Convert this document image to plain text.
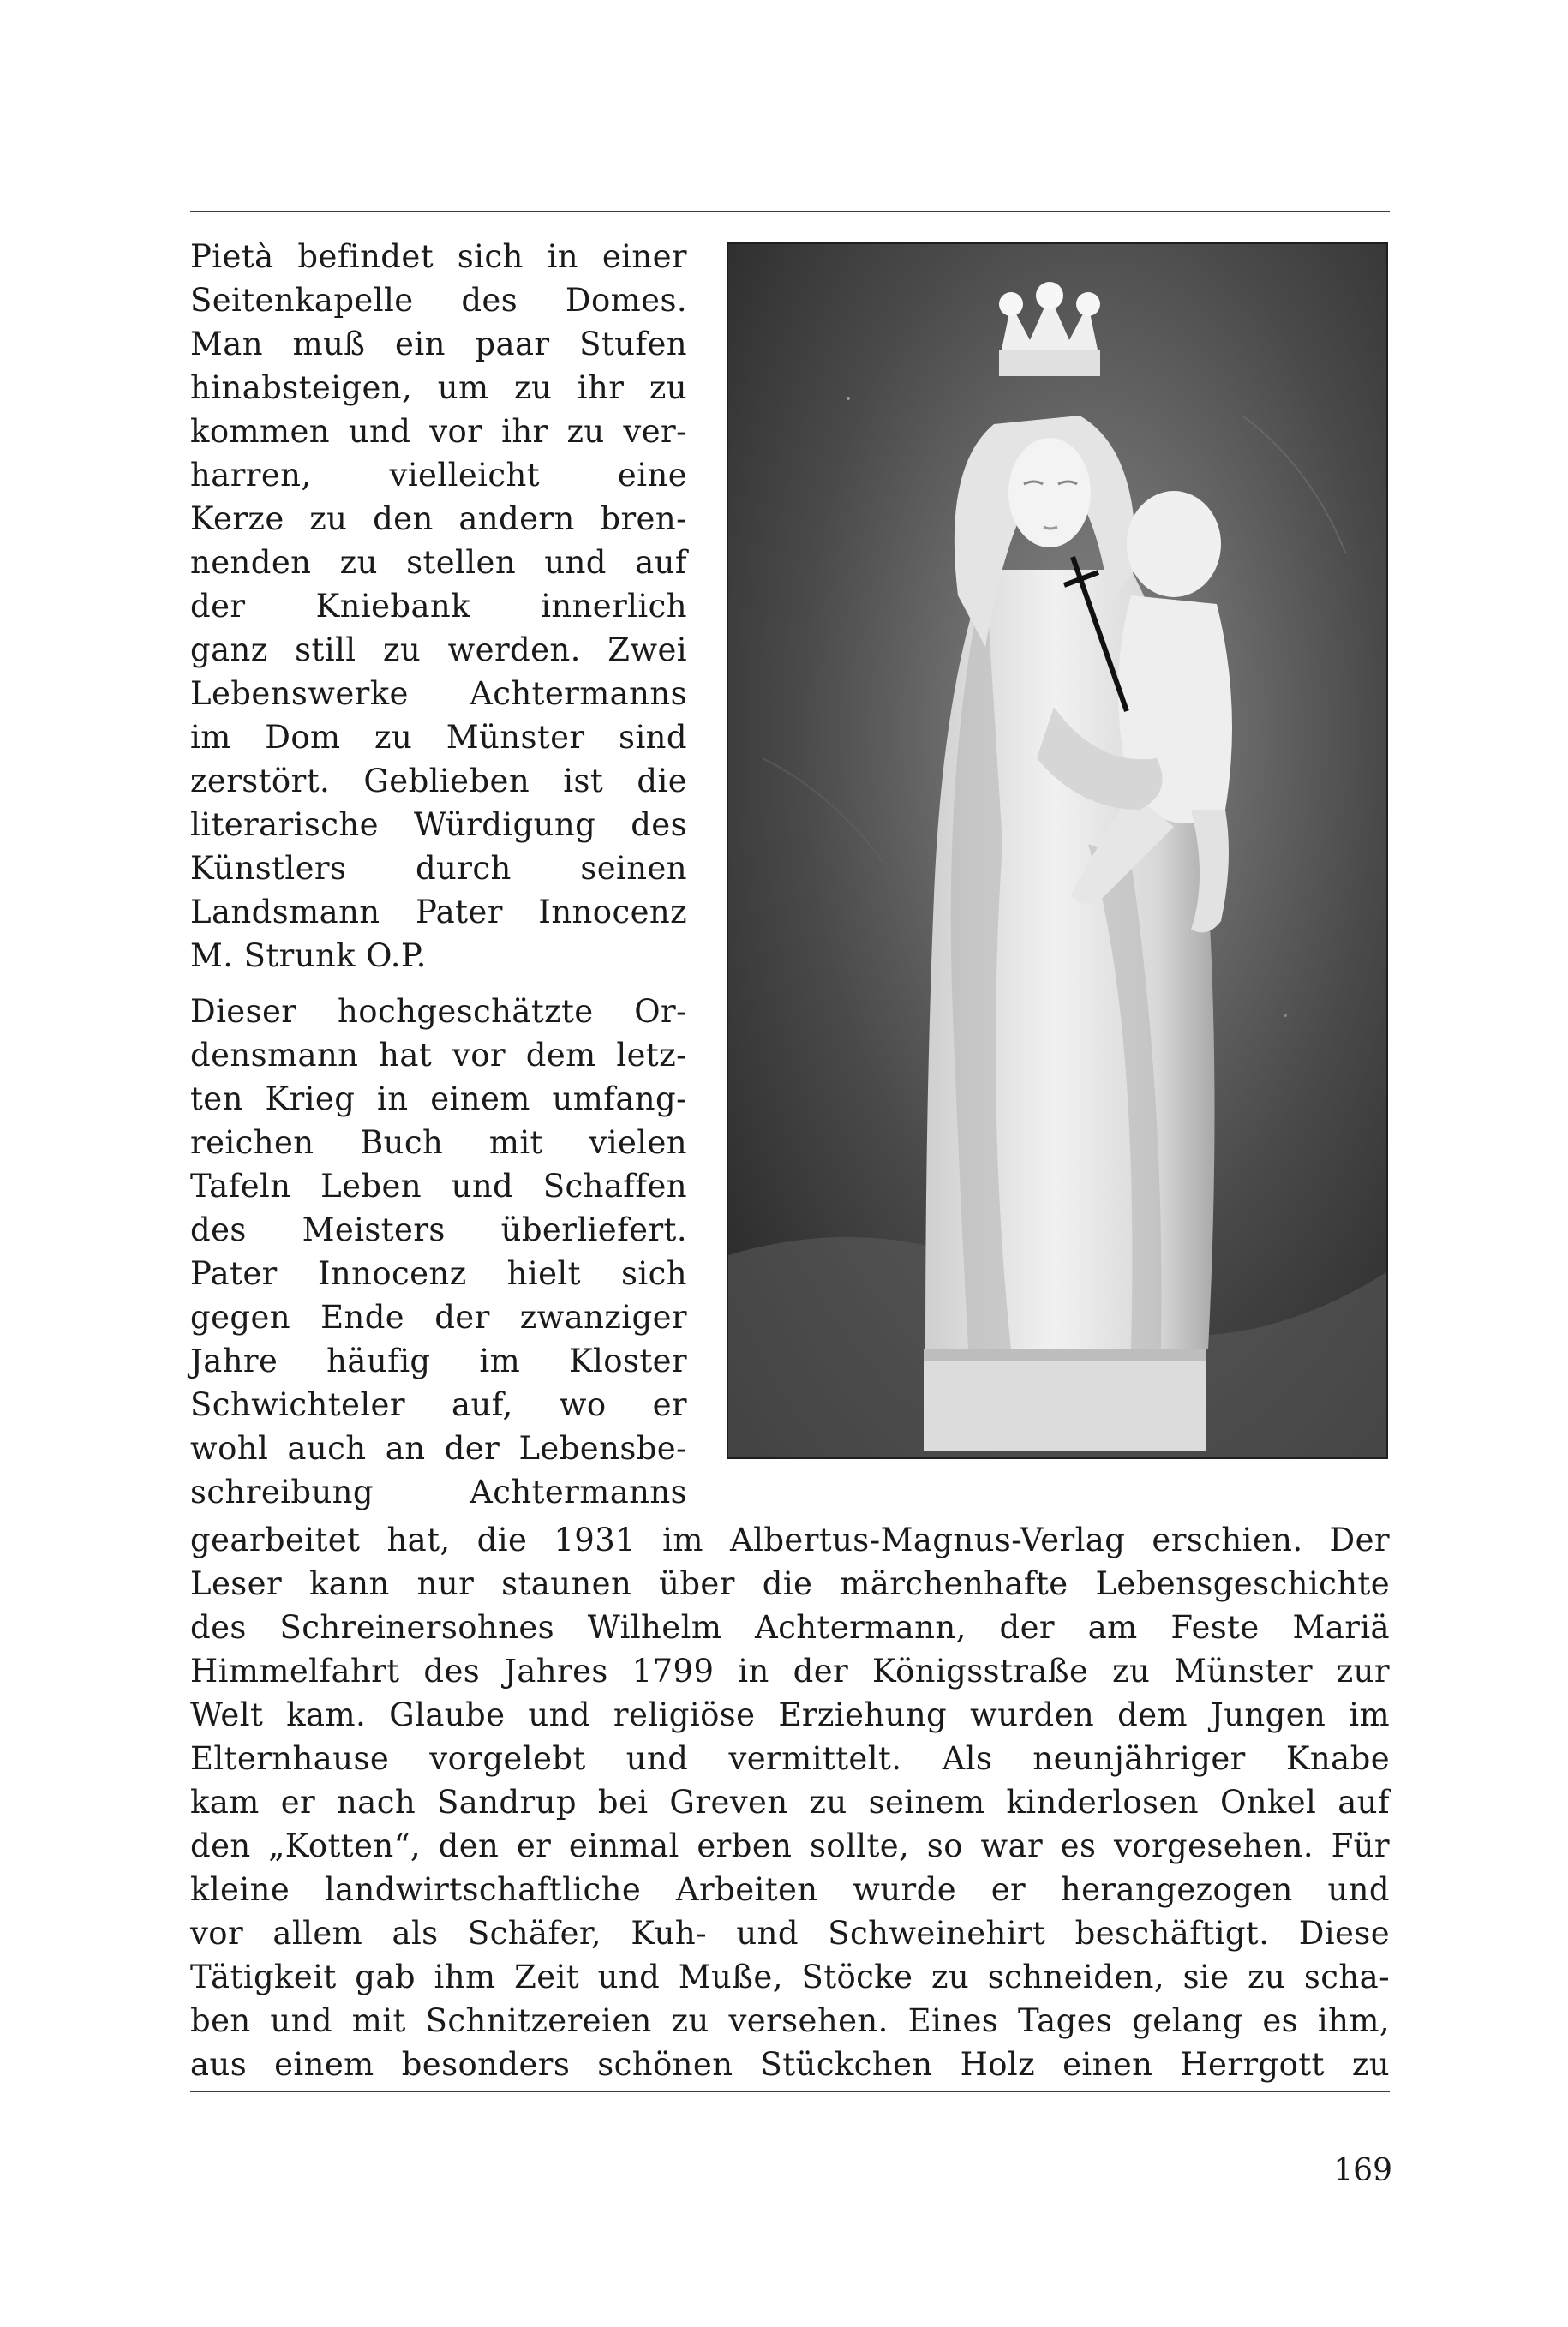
Pietà befindet sich in einer
Seitenkapelle des Domes.
Man muß ein paar Stufen
hinabsteigen, um zu ihr zu
kommen und vor ihr zu ver-
harren, vielleicht eine
Kerze zu den andern bren-
nenden zu stellen und auf
der Kniebank innerlich
ganz still zu werden. Zwei
Lebenswerke Achtermanns
im Dom zu Münster sind
zerstört. Geblieben ist die
literarische Würdigung des
Künstlers durch seinen
Landsmann Pater Innocenz
M. Strunk O.P.
Dieser hochgeschätzte Or-
densmann hat vor dem letz-
ten Krieg in einem umfang-
reichen Buch mit vielen
Tafeln Leben und Schaffen
des Meisters überliefert.
Pater Innocenz hielt sich
gegen Ende der zwanziger
Jahre häufig im Kloster
Schwichteler auf, wo er
wohl auch an der Lebensbe-
schreibung Achtermanns
gearbeitet hat, die 1931 im Albertus-Magnus-Verlag erschien. Der
Leser kann nur staunen über die märchenhafte Lebensgeschichte
des Schreinersohnes Wilhelm Achtermann, der am Feste Mariä
Himmelfahrt des Jahres 1799 in der Königsstraße zu Münster zur
Welt kam. Glaube und religiöse Erziehung wurden dem Jungen im
Elternhause vorgelebt und vermittelt. Als neunjähriger Knabe
kam er nach Sandrup bei Greven zu seinem kinderlosen Onkel auf
den „Kotten“, den er einmal erben sollte, so war es vorgesehen. Für
kleine landwirtschaftliche Arbeiten wurde er herangezogen und
vor allem als Schäfer, Kuh- und Schweinehirt beschäftigt. Diese
Tätigkeit gab ihm Zeit und Muße, Stöcke zu schneiden, sie zu scha-
ben und mit Schnitzereien zu versehen. Eines Tages gelang es ihm,
aus einem besonders schönen Stückchen Holz einen Herrgott zu
169
